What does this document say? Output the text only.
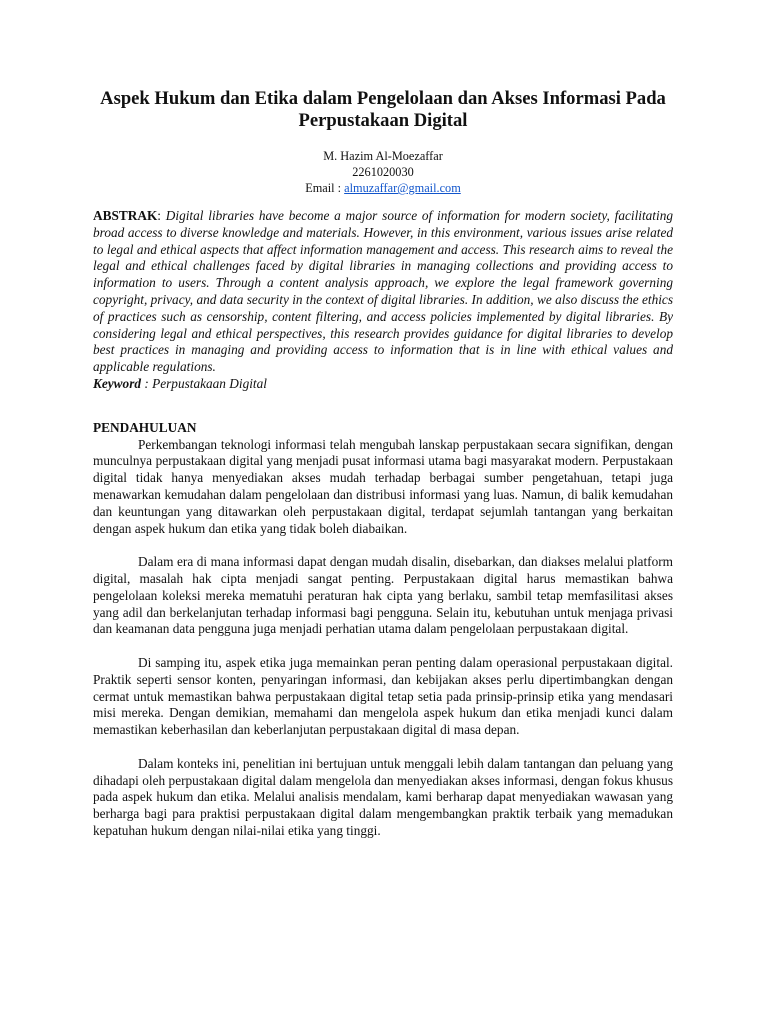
Aspek Hukum dan Etika dalam Pengelolaan dan Akses Informasi Pada Perpustakaan Digital
M. Hazim Al-Moezaffar
2261020030
Email : almuzaffar@gmail.com
ABSTRAK: Digital libraries have become a major source of information for modern society, facilitating broad access to diverse knowledge and materials. However, in this environment, various issues arise related to legal and ethical aspects that affect information management and access. This research aims to reveal the legal and ethical challenges faced by digital libraries in managing collections and providing access to information to users. Through a content analysis approach, we explore the legal framework governing copyright, privacy, and data security in the context of digital libraries. In addition, we also discuss the ethics of practices such as censorship, content filtering, and access policies implemented by digital libraries. By considering legal and ethical perspectives, this research provides guidance for digital libraries to develop best practices in managing and providing access to information that is in line with ethical values and applicable regulations.
Keyword : Perpustakaan Digital
PENDAHULUAN

Perkembangan teknologi informasi telah mengubah lanskap perpustakaan secara signifikan, dengan munculnya perpustakaan digital yang menjadi pusat informasi utama bagi masyarakat modern. Perpustakaan digital tidak hanya menyediakan akses mudah terhadap berbagai sumber pengetahuan, tetapi juga menawarkan kemudahan dalam pengelolaan dan distribusi informasi yang luas. Namun, di balik kemudahan dan keuntungan yang ditawarkan oleh perpustakaan digital, terdapat sejumlah tantangan yang berkaitan dengan aspek hukum dan etika yang tidak boleh diabaikan.

Dalam era di mana informasi dapat dengan mudah disalin, disebarkan, dan diakses melalui platform digital, masalah hak cipta menjadi sangat penting. Perpustakaan digital harus memastikan bahwa pengelolaan koleksi mereka mematuhi peraturan hak cipta yang berlaku, sambil tetap memfasilitasi akses yang adil dan berkelanjutan terhadap informasi bagi pengguna. Selain itu, kebutuhan untuk menjaga privasi dan keamanan data pengguna juga menjadi perhatian utama dalam pengelolaan perpustakaan digital.

Di samping itu, aspek etika juga memainkan peran penting dalam operasional perpustakaan digital. Praktik seperti sensor konten, penyaringan informasi, dan kebijakan akses perlu dipertimbangkan dengan cermat untuk memastikan bahwa perpustakaan digital tetap setia pada prinsip-prinsip etika yang mendasari misi mereka. Dengan demikian, memahami dan mengelola aspek hukum dan etika menjadi kunci dalam memastikan keberhasilan dan keberlanjutan perpustakaan digital di masa depan.

Dalam konteks ini, penelitian ini bertujuan untuk menggali lebih dalam tantangan dan peluang yang dihadapi oleh perpustakaan digital dalam mengelola dan menyediakan akses informasi, dengan fokus khusus pada aspek hukum dan etika. Melalui analisis mendalam, kami berharap dapat menyediakan wawasan yang berharga bagi para praktisi perpustakaan digital dalam mengembangkan praktik terbaik yang memadukan kepatuhan hukum dengan nilai-nilai etika yang tinggi.
